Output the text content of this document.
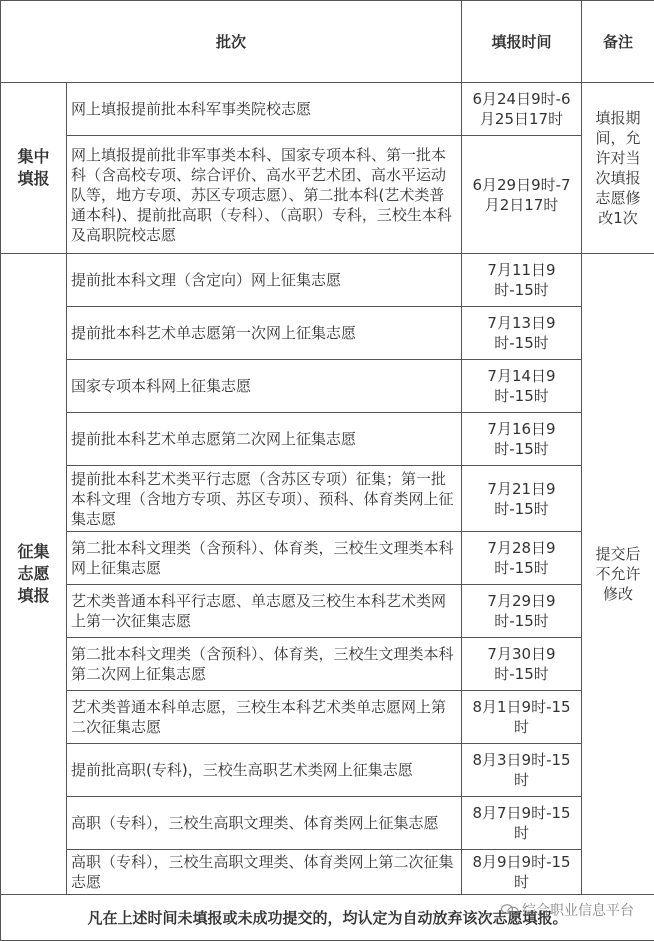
批次		填报时间	备注
集中填报	网上填报提前批本科军事类院校志愿	6月24日9时-6月25日17时	填报期间，允许对当次填报志愿修改1次
	网上填报提前批非军事类本科、国家专项本科、第一批本科（含高校专项、综合评价、高水平艺术团、高水平运动队等，地方专项、苏区专项志愿）、第二批本科(艺术类普通本科)、提前批高职（专科）、（高职）专科，三校生本科及高职院校志愿	6月29日9时-7月2日17时	
征集志愿填报	提前批本科文理（含定向）网上征集志愿	7月11日9时-15时	提交后不允许修改
	提前批本科艺术单志愿第一次网上征集志愿	7月13日9时-15时	
	国家专项本科网上征集志愿	7月14日9时-15时	
	提前批本科艺术单志愿第二次网上征集志愿	7月16日9时-15时	
	提前批本科艺术类平行志愿（含苏区专项）征集；第一批本科文理（含地方专项、苏区专项）、预科、体育类网上征集志愿	7月21日9时-15时	
	第二批本科文理类（含预科）、体育类，三校生文理类本科网上征集志愿	7月28日9时-15时	
	艺术类普通本科平行志愿、单志愿及三校生本科艺术类网上第一次征集志愿	7月29日9时-15时	
	第二批本科文理类（含预科）、体育类，三校生文理类本科第二次网上征集志愿	7月30日9时-15时	
	艺术类普通本科单志愿，三校生本科艺术类单志愿网上第二次征集志愿	8月1日9时-15时	
	提前批高职(专科)，三校生高职艺术类网上征集志愿	8月3日9时-15时	
	高职（专科），三校生高职文理类、体育类网上征集志愿	8月7日9时-15时	
	高职（专科），三校生高职文理类、体育类网上第二次征集志愿	8月9日9时-15时	
凡在上述时间未填报或未成功提交的，均认定为自动放弃该次志愿填报。
综合职业信息平台			
